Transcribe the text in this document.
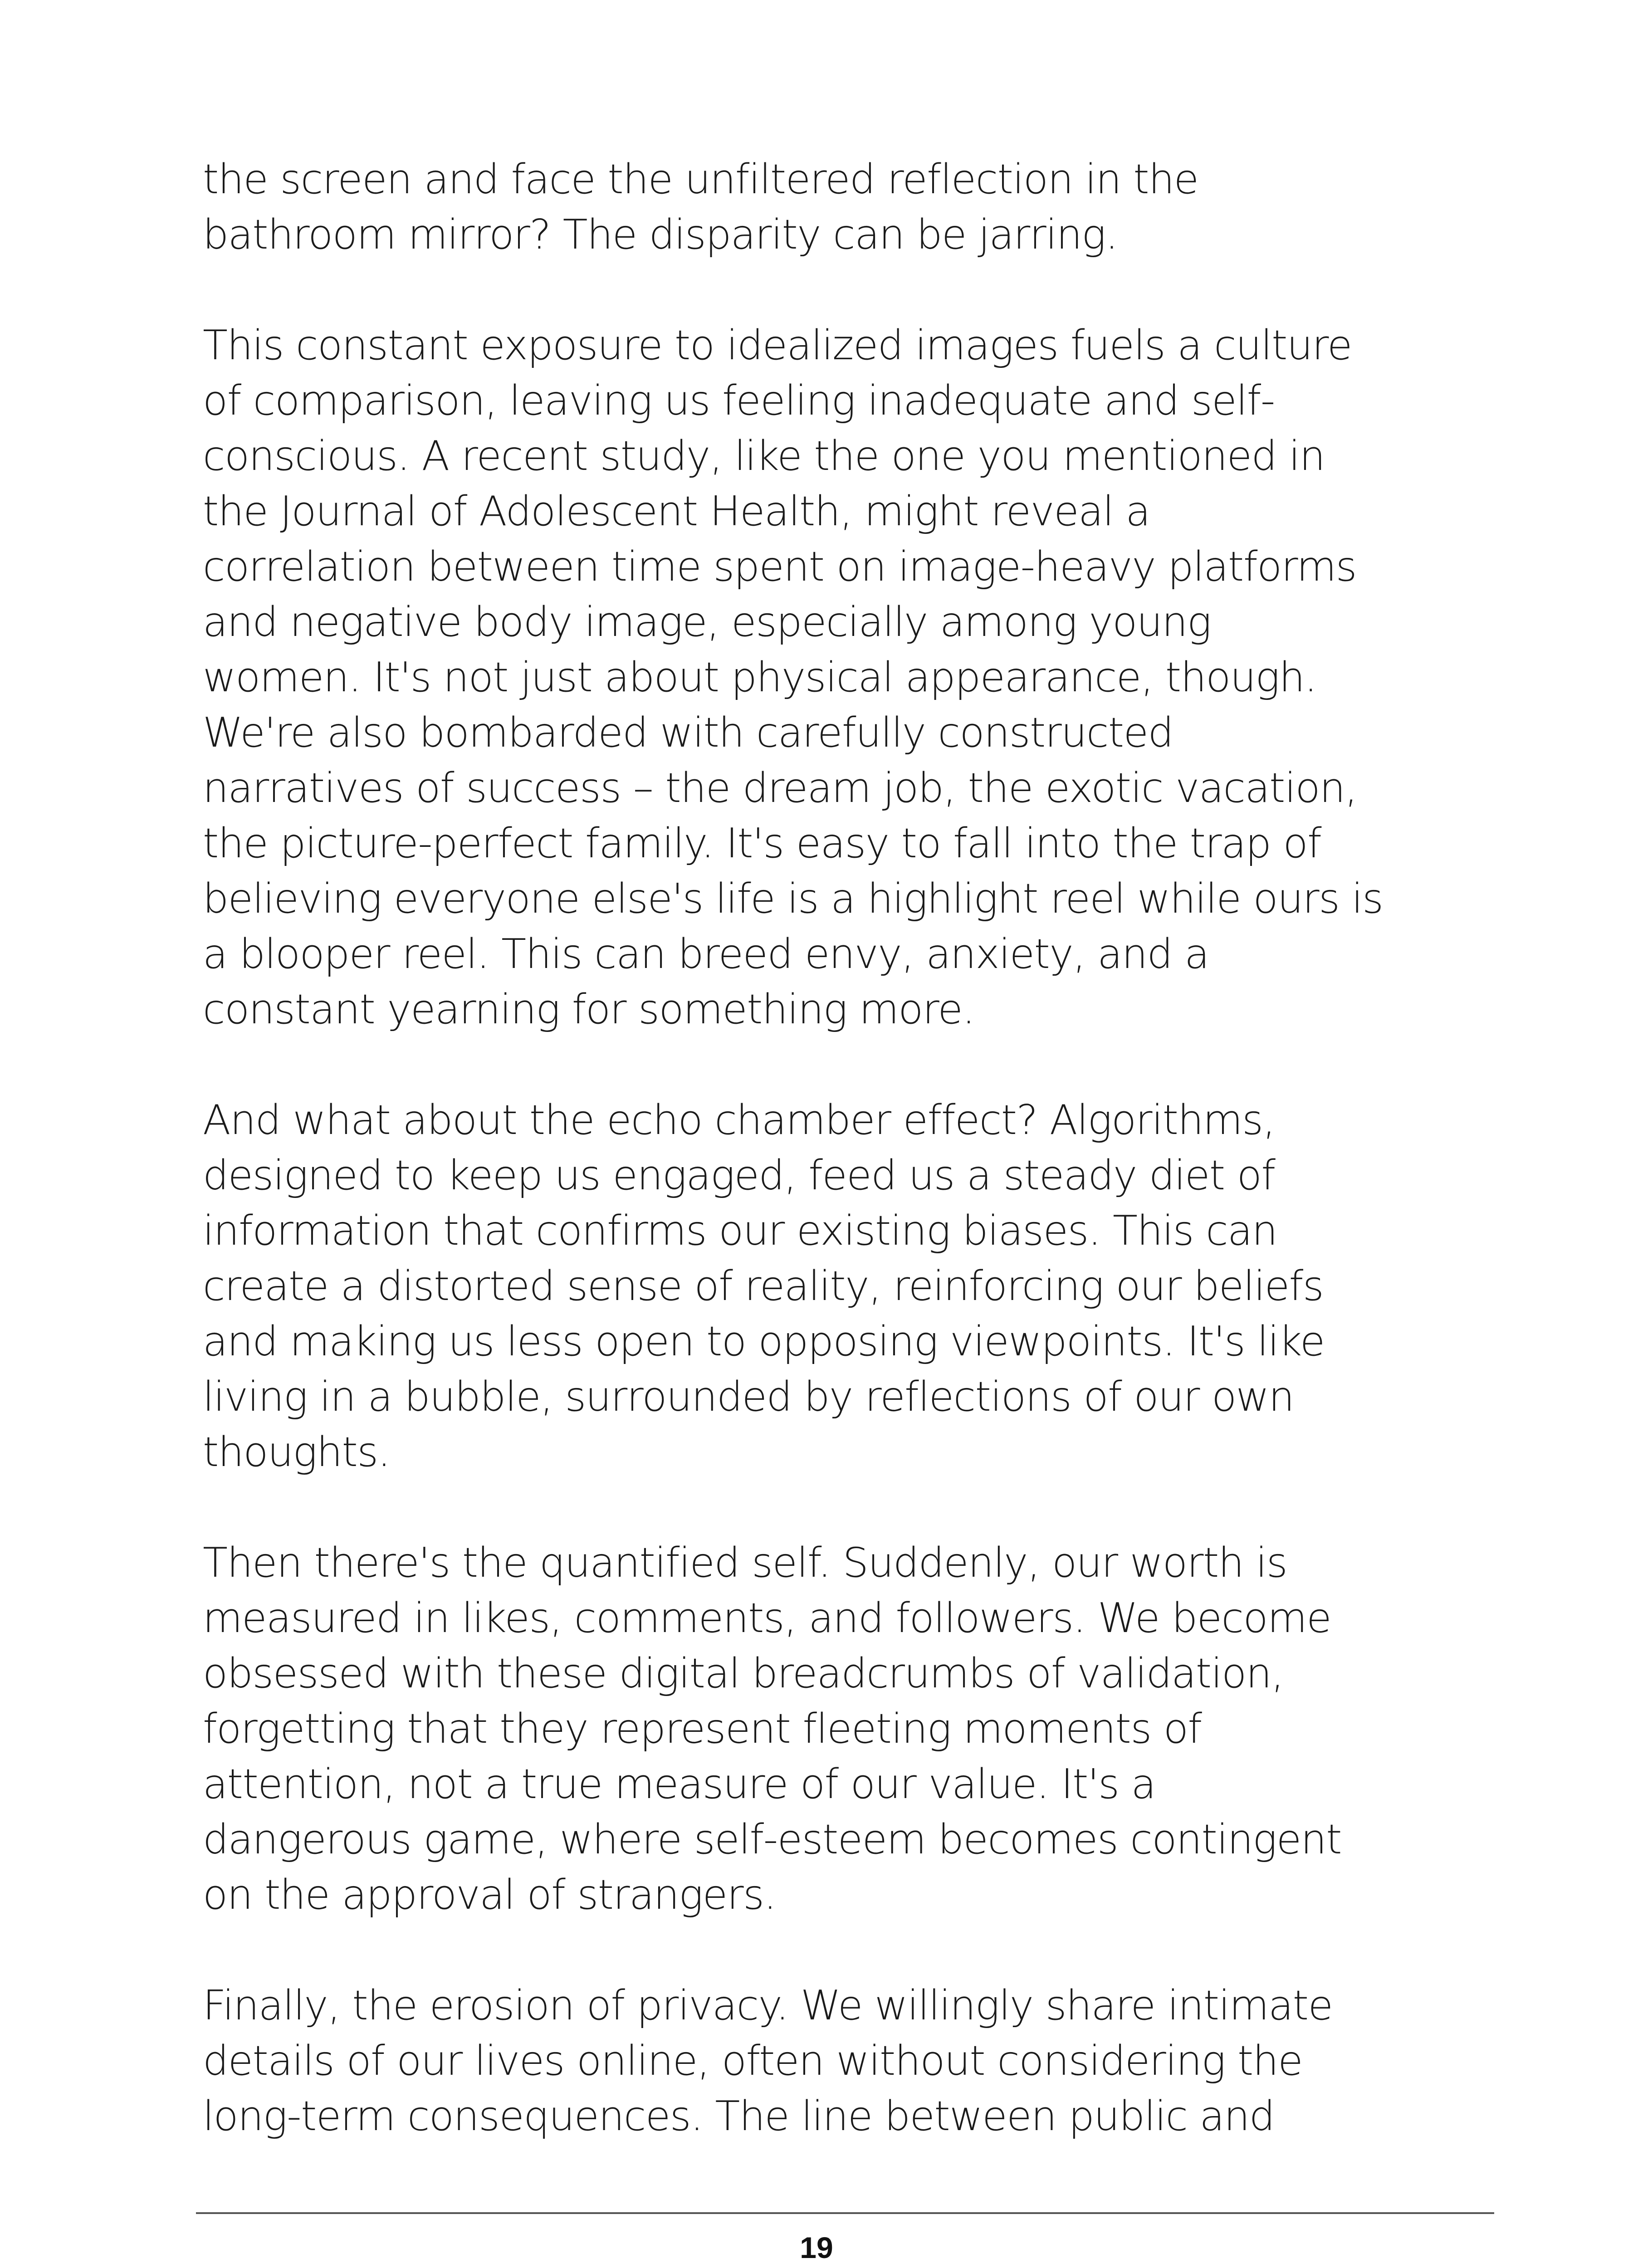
the screen and face the unfiltered reflection in the
bathroom mirror? The disparity can be jarring.
This constant exposure to idealized images fuels a culture
of comparison, leaving us feeling inadequate and self-
conscious. A recent study, like the one you mentioned in
the Journal of Adolescent Health, might reveal a
correlation between time spent on image-heavy platforms
and negative body image, especially among young
women. It's not just about physical appearance, though.
We're also bombarded with carefully constructed
narratives of success – the dream job, the exotic vacation,
the picture-perfect family. It's easy to fall into the trap of
believing everyone else's life is a highlight reel while ours is
a blooper reel. This can breed envy, anxiety, and a
constant yearning for something more.
And what about the echo chamber effect? Algorithms,
designed to keep us engaged, feed us a steady diet of
information that confirms our existing biases. This can
create a distorted sense of reality, reinforcing our beliefs
and making us less open to opposing viewpoints. It's like
living in a bubble, surrounded by reflections of our own
thoughts.
Then there's the quantified self. Suddenly, our worth is
measured in likes, comments, and followers. We become
obsessed with these digital breadcrumbs of validation,
forgetting that they represent fleeting moments of
attention, not a true measure of our value. It's a
dangerous game, where self-esteem becomes contingent
on the approval of strangers.
Finally, the erosion of privacy. We willingly share intimate
details of our lives online, often without considering the
long-term consequences. The line between public and
19
